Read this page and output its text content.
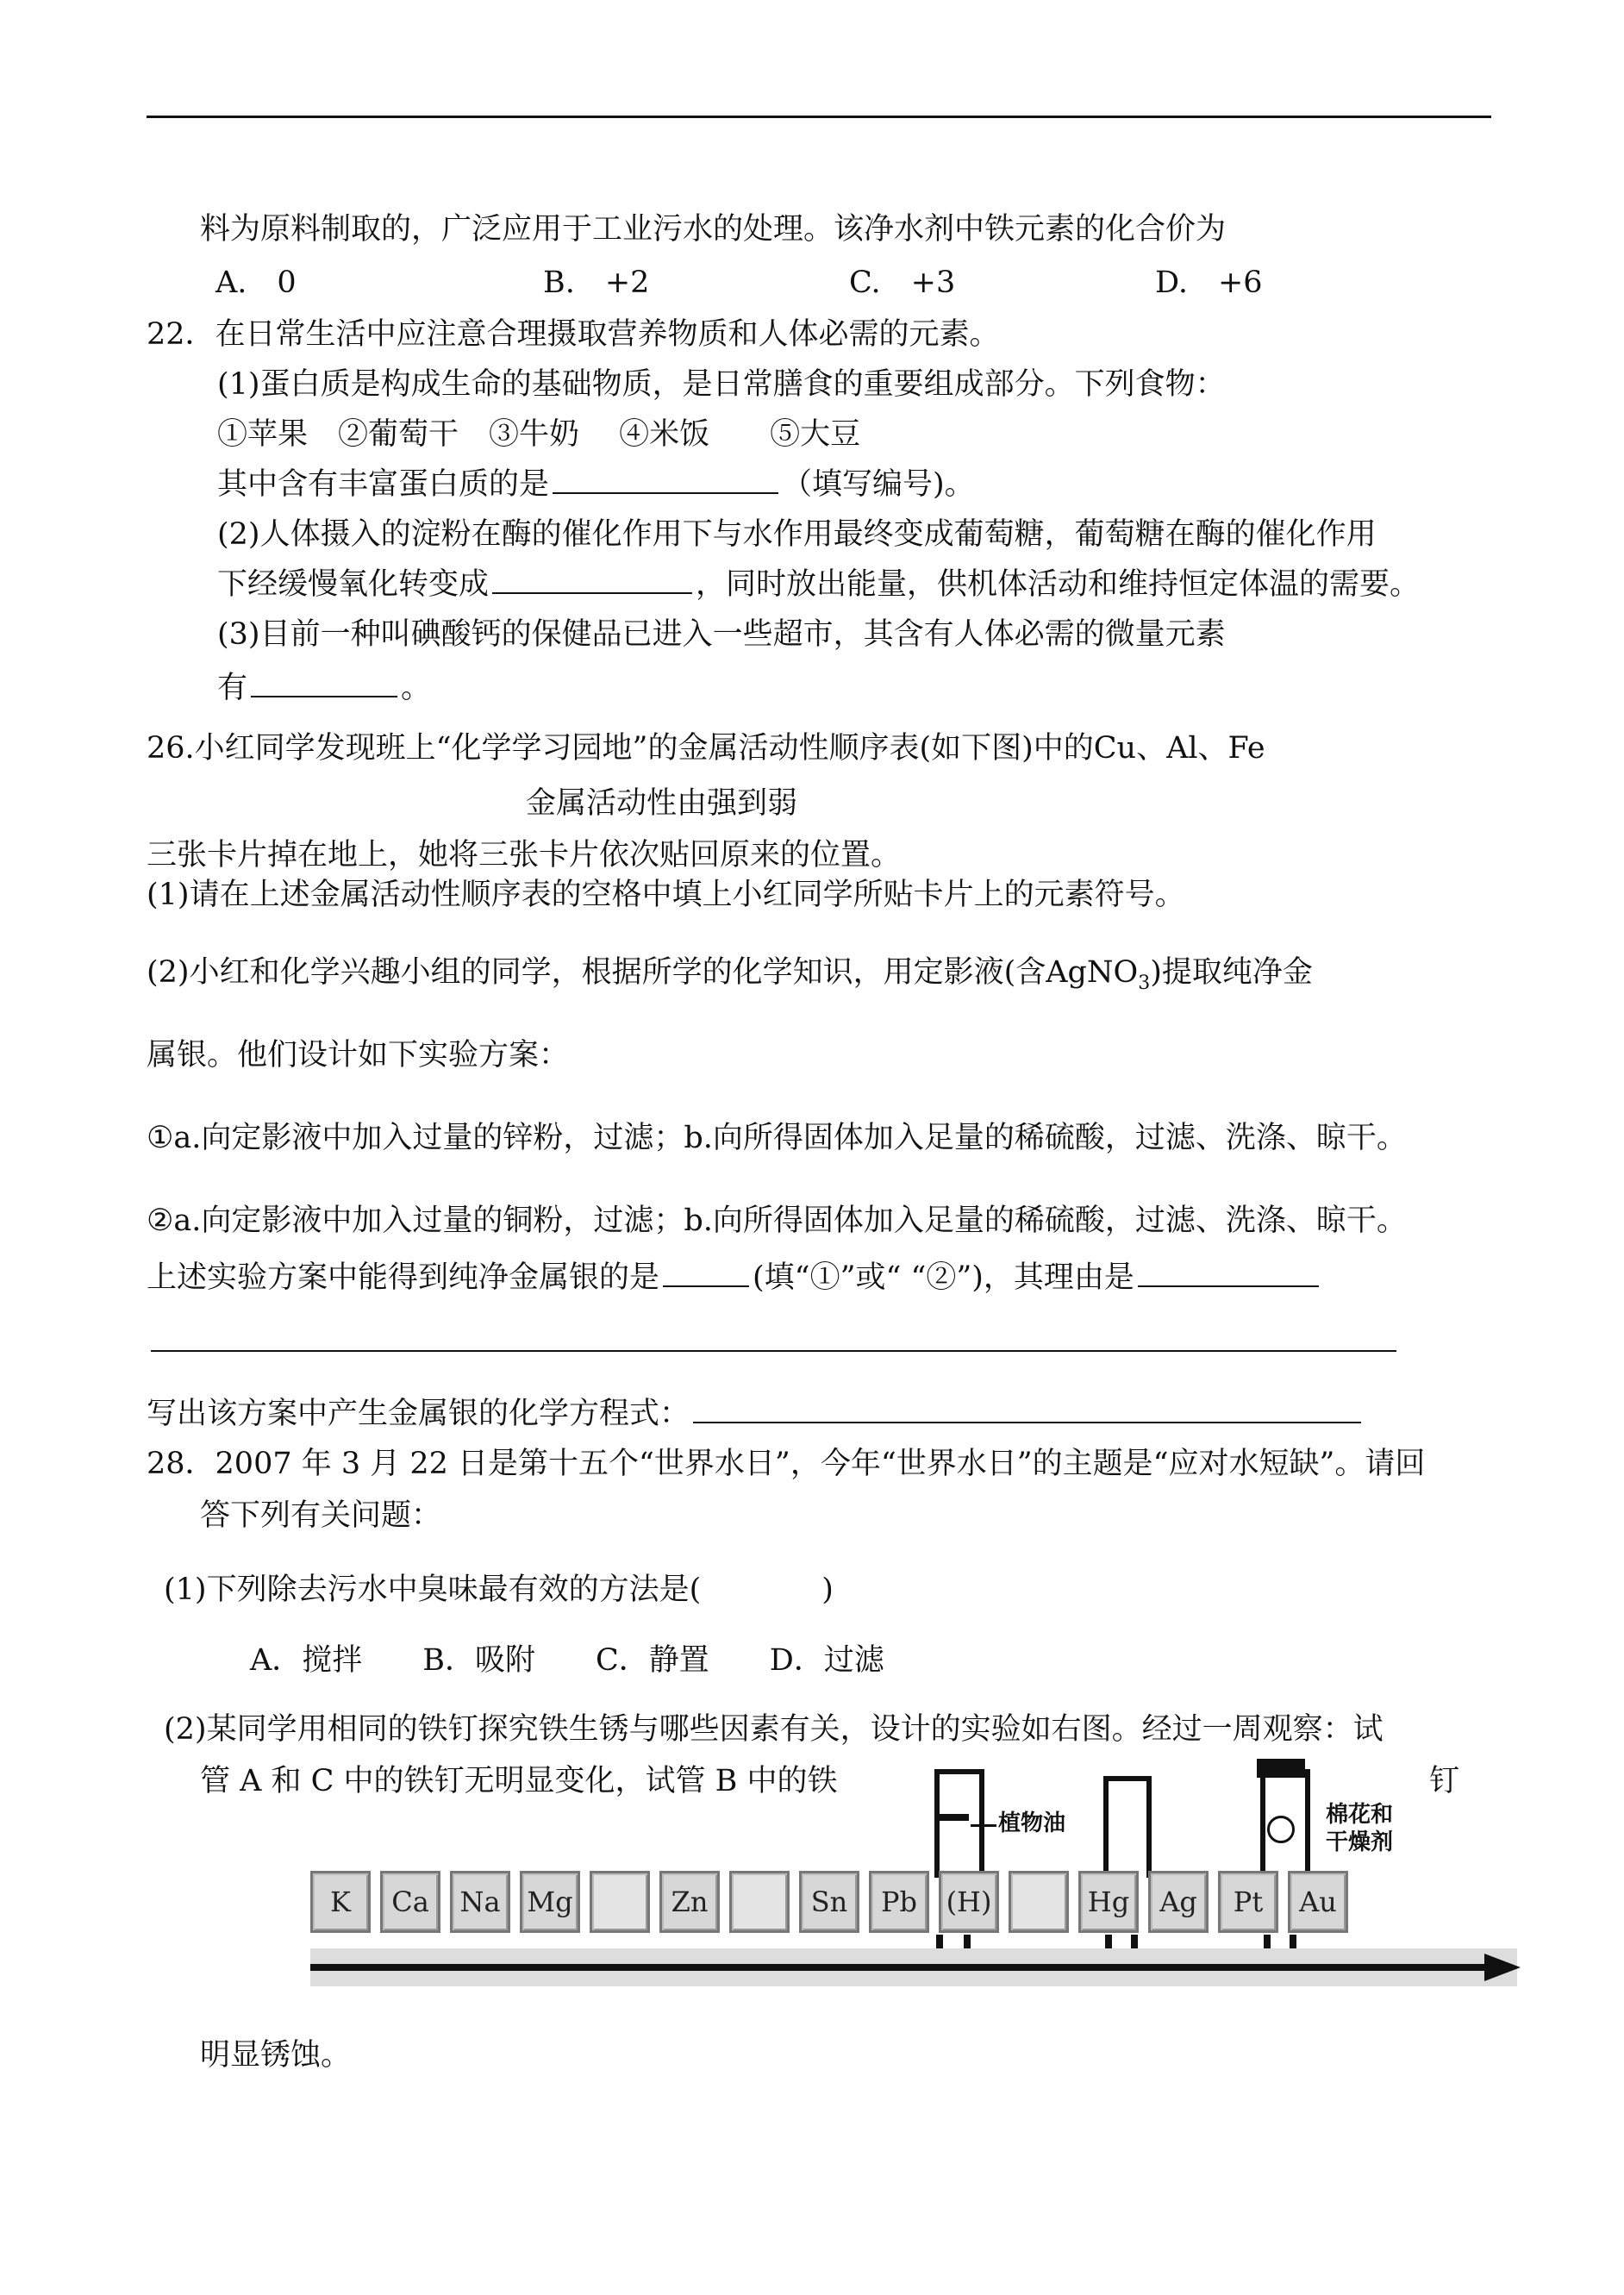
料为原料制取的，广泛应用于工业污水的处理。该净水剂中铁元素的化合价为
A.　0	B.　+2	C.　+3	D.　+6
22．在日常生活中应注意合理摄取营养物质和人体必需的元素。
(1)蛋白质是构成生命的基础物质，是日常膳食的重要组成部分。下列食物：
①苹果　②葡萄干　③牛奶　 ④米饭　　⑤大豆
其中含有丰富蛋白质的是	（填写编号)。
(2)人体摄入的淀粉在酶的催化作用下与水作用最终变成葡萄糖，葡萄糖在酶的催化作用
下经缓慢氧化转变成	，同时放出能量，供机体活动和维持恒定体温的需要。
(3)目前一种叫碘酸钙的保健品已进入一些超市，其含有人体必需的微量元素
有	。
26.小红同学发现班上“化学学习园地”的金属活动性顺序表(如下图)中的Cu、Al、Fe
金属活动性由强到弱
三张卡片掉在地上，她将三张卡片依次贴回原来的位置。
(1)请在上述金属活动性顺序表的空格中填上小红同学所贴卡片上的元素符号。
(2)小红和化学兴趣小组的同学，根据所学的化学知识，用定影液(含AgNO$_3$)提取纯净金
属银。他们设计如下实验方案：
①a.向定影液中加入过量的锌粉，过滤；b.向所得固体加入足量的稀硫酸，过滤、洗涤、晾干。
②a.向定影液中加入过量的铜粉，过滤；b.向所得固体加入足量的稀硫酸，过滤、洗涤、晾干。
上述实验方案中能得到纯净金属银的是	(填“①”或“ “②”)，其理由是
写出该方案中产生金属银的化学方程式：
28．2007 年 3 月 22 日是第十五个“世界水日”，今年“世界水日”的主题是“应对水短缺”。请回
答下列有关问题：
(1)下列除去污水中臭味最有效的方法是(　　　　)
A．搅拌　　B．吸附　　C．静置　　D．过滤
(2)某同学用相同的铁钉探究铁生锈与哪些因素有关，设计的实验如右图。经过一周观察：试
管 A 和 C 中的铁钉无明显变化，试管 B 中的铁	钉
明显锈蚀。
植物油	棉花和
干燥剂
K	Ca	Na Mg	Zn	Sn	Pb	(H)	Hg	Ag	Pt	Au
